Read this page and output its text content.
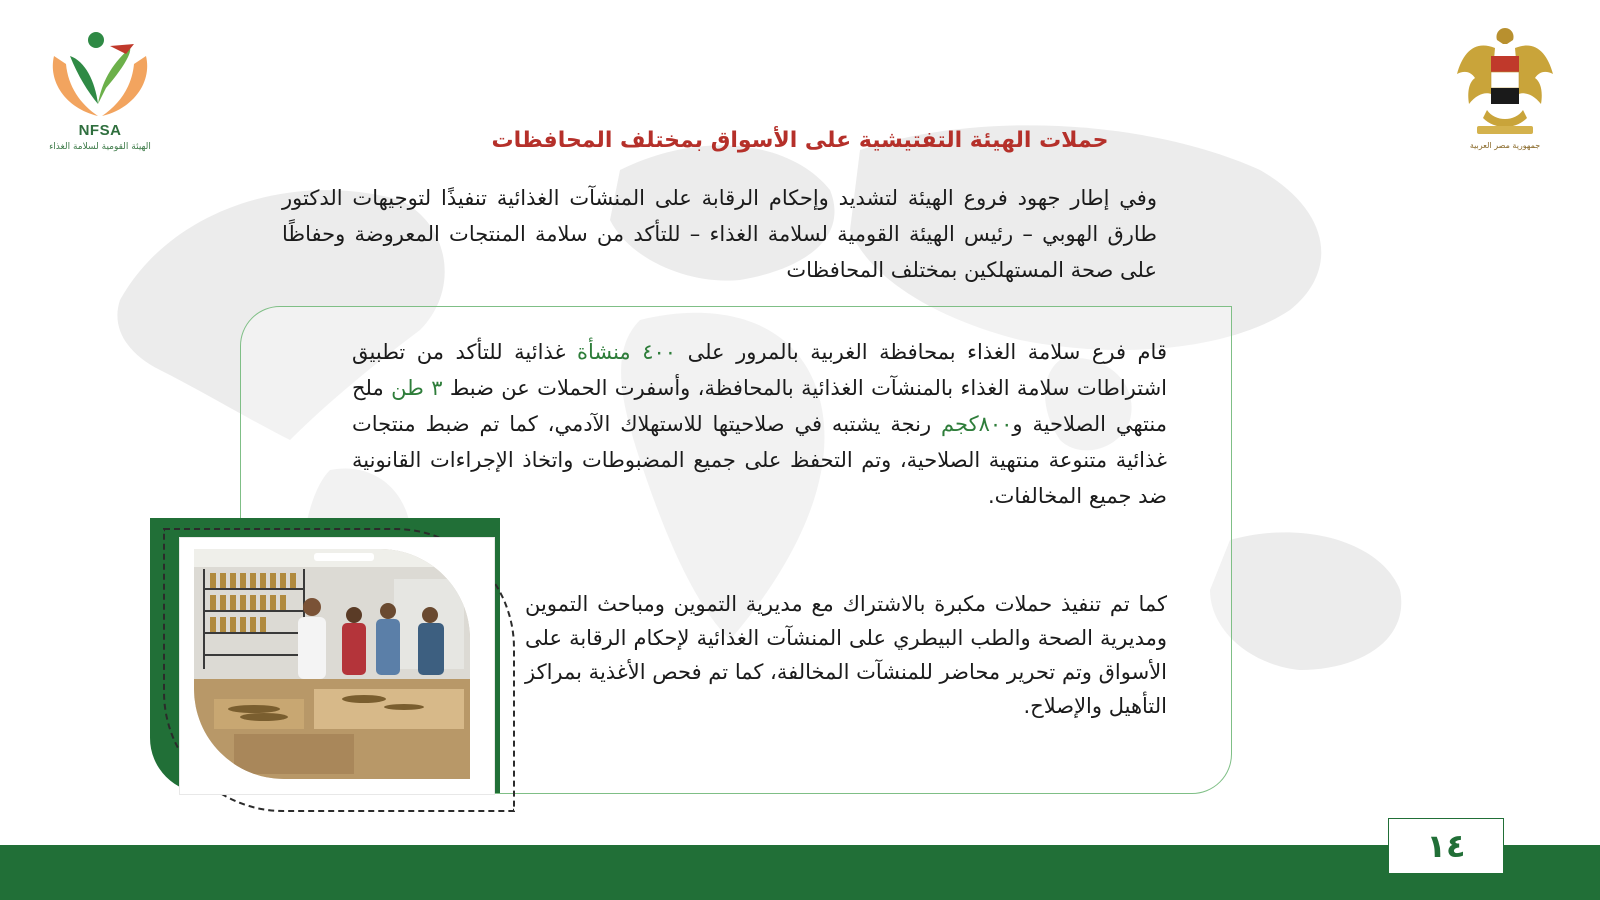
NFSA
الهيئة القومية لسلامة الغذاء	جمهورية مصر العربية
حملات الهيئة التفتيشية على الأسواق بمختلف المحافظات
وفي إطار جهود فروع الهيئة لتشديد وإحكام الرقابة على المنشآت الغذائية تنفيذًا لتوجيهات الدكتور طارق الهوبي – رئيس الهيئة القومية لسلامة الغذاء – للتأكد من سلامة المنتجات المعروضة وحفاظًا على صحة المستهلكين بمختلف المحافظات
قام فرع سلامة الغذاء بمحافظة الغربية بالمرور على ٤٠٠ منشأة غذائية للتأكد من تطبيق اشتراطات سلامة الغذاء بالمنشآت الغذائية بالمحافظة، وأسفرت الحملات عن ضبط ٣ طن ملح منتهي الصلاحية و٨٠٠كجم رنجة يشتبه في صلاحيتها للاستهلاك الآدمي، كما تم ضبط منتجات غذائية متنوعة منتهية الصلاحية، وتم التحفظ على جميع المضبوطات واتخاذ الإجراءات القانونية ضد جميع المخالفات.
كما تم تنفيذ حملات مكبرة بالاشتراك مع مديرية التموين ومباحث التموين ومديرية الصحة والطب البيطري على المنشآت الغذائية لإحكام الرقابة على الأسواق وتم تحرير محاضر للمنشآت المخالفة، كما تم فحص الأغذية بمراكز التأهيل والإصلاح.
١٤
